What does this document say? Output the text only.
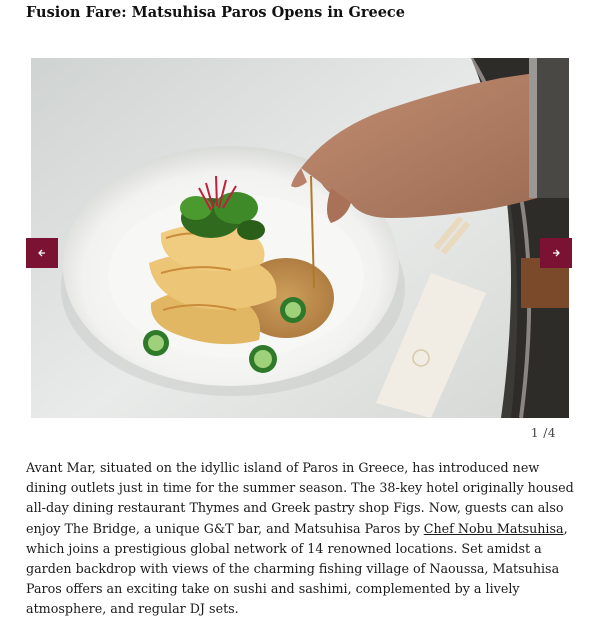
Fusion Fare: Matsuhisa Paros Opens in Greece
1 /4

Avant Mar, situated on the idyllic island of Paros in Greece, has introduced new dining outlets just in time for the summer season. The 38-key hotel originally housed all-day dining restaurant Thymes and Greek pastry shop Figs. Now, guests can also enjoy The Bridge, a unique G&T bar, and Matsuhisa Paros by Chef Nobu Matsuhisa, which joins a prestigious global network of 14 renowned locations. Set amidst a garden backdrop with views of the charming fishing village of Naoussa, Matsuhisa Paros offers an exciting take on sushi and sashimi, complemented by a lively atmosphere, and regular DJ sets.
